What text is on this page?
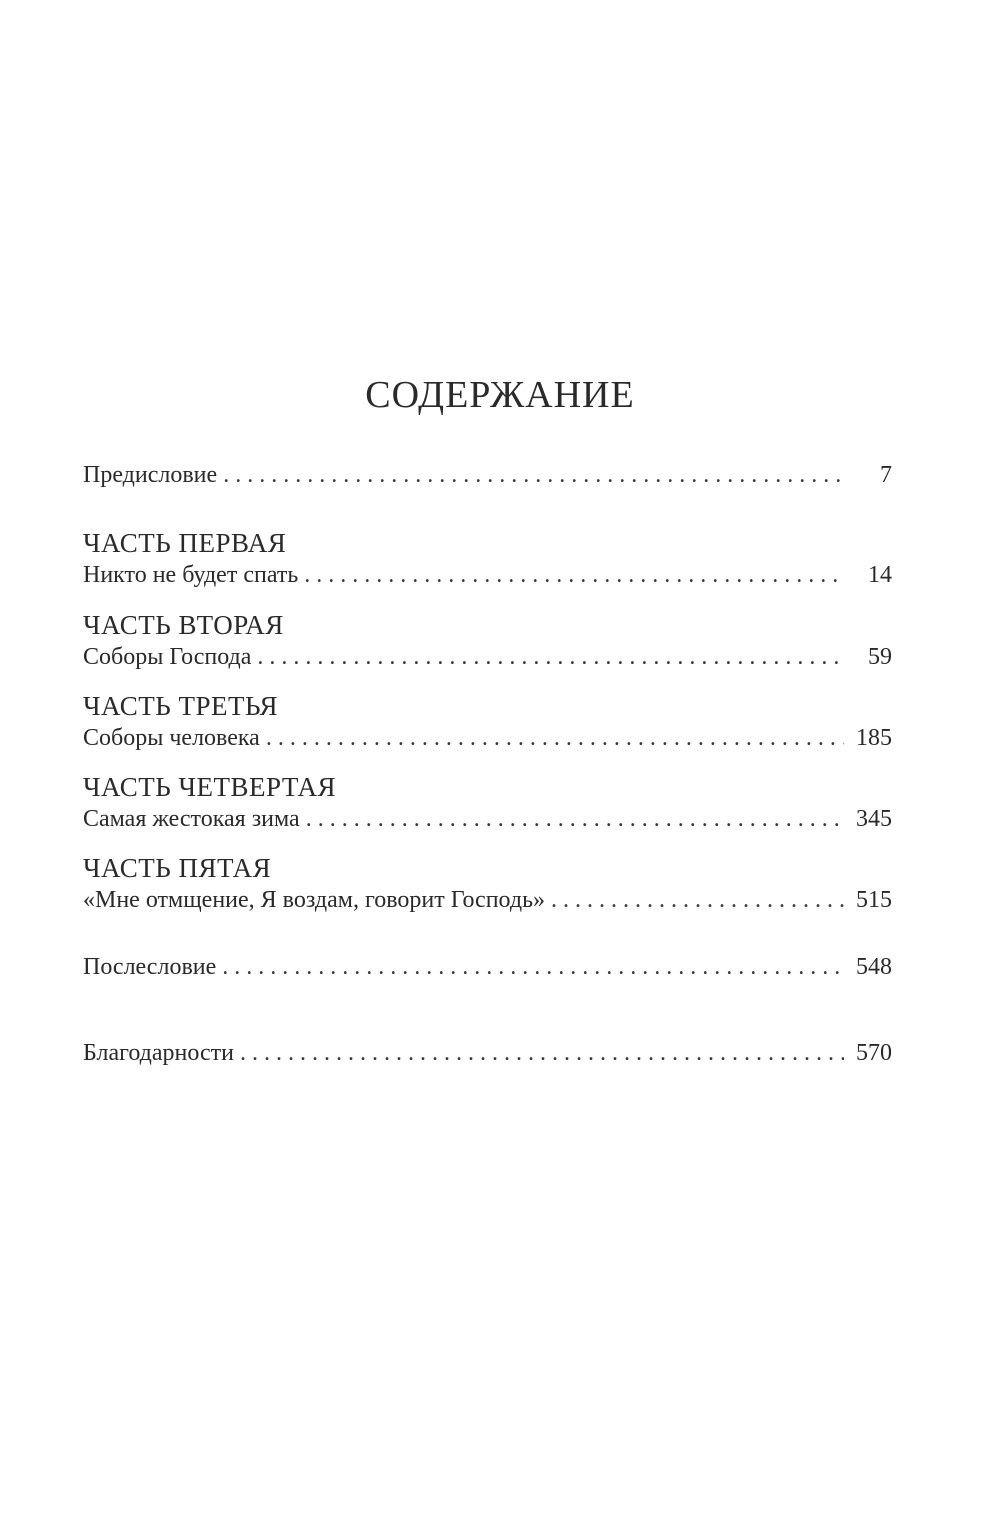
СОДЕРЖАНИЕ
Предисловие . . .	7
ЧАСТЬ ПЕРВАЯ
Никто не будет спать . . .	14
ЧАСТЬ ВТОРАЯ
Соборы Господа . . .	59
ЧАСТЬ ТРЕТЬЯ
Соборы человека . . .	185
ЧАСТЬ ЧЕТВЕРТАЯ
Самая жестокая зима . . .	345
ЧАСТЬ ПЯТАЯ
«Мне отмщение, Я воздам, говорит Господь» . . .	515
Послесловие . . .	548
Благодарности . . .	570
